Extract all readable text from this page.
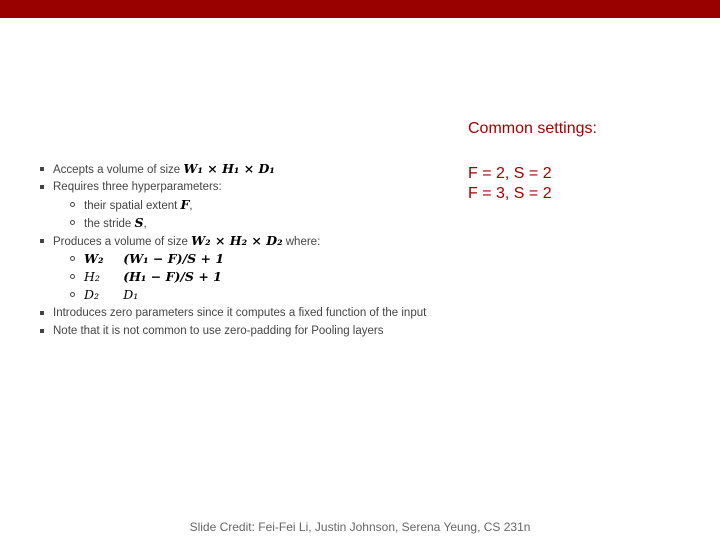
Common settings:
F = 2, S = 2
F = 3, S = 2
Accepts a volume of size W₁ × H₁ × D₁
Requires three hyperparameters:
their spatial extent F,
the stride S,
Produces a volume of size W₂ × H₂ × D₂ where:
W₂ (W₁ − F)/S + 1
H₂ (H₁ − F)/S + 1
D₂ D₁
Introduces zero parameters since it computes a fixed function of the input
Note that it is not common to use zero-padding for Pooling layers
Slide Credit: Fei-Fei Li, Justin Johnson, Serena Yeung, CS 231n
